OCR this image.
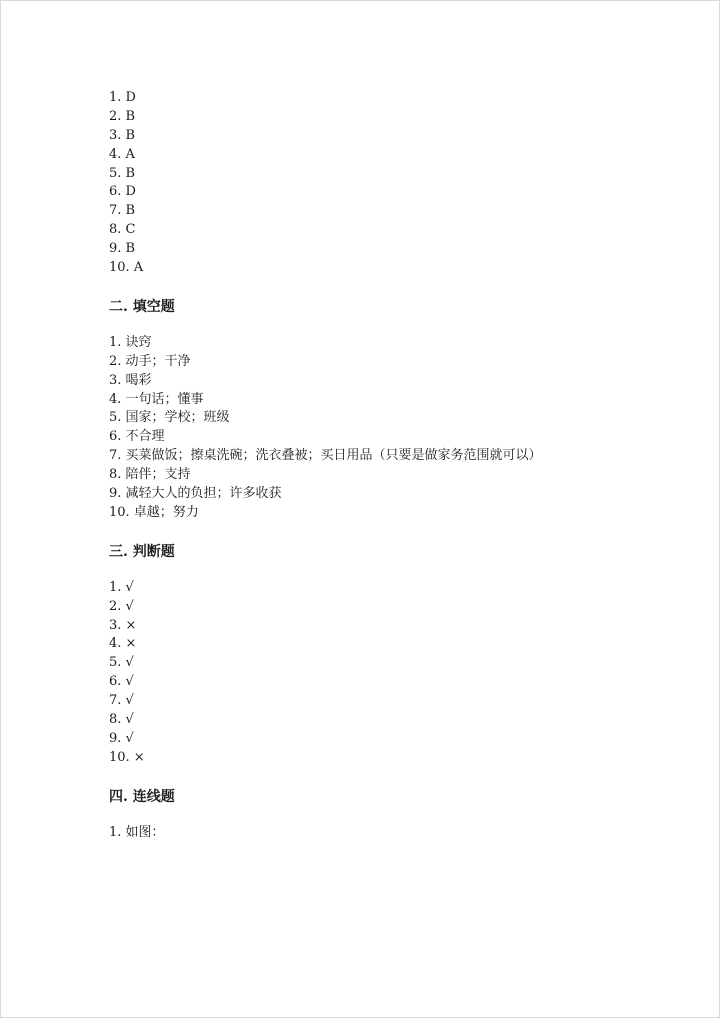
1. D
2. B
3. B
4. A
5. B
6. D
7. B
8. C
9. B
10. A
二. 填空题
1. 诀窍
2. 动手；干净
3. 喝彩
4. 一句话；懂事
5. 国家；学校；班级
6. 不合理
7. 买菜做饭；擦桌洗碗；洗衣叠被；买日用品（只要是做家务范围就可以）
8. 陪伴；支持
9. 减轻大人的负担；许多收获
10. 卓越；努力
三. 判断题
1. √
2. √
3. ×
4. ×
5. √
6. √
7. √
8. √
9. √
10. ×
四. 连线题
1. 如图：
